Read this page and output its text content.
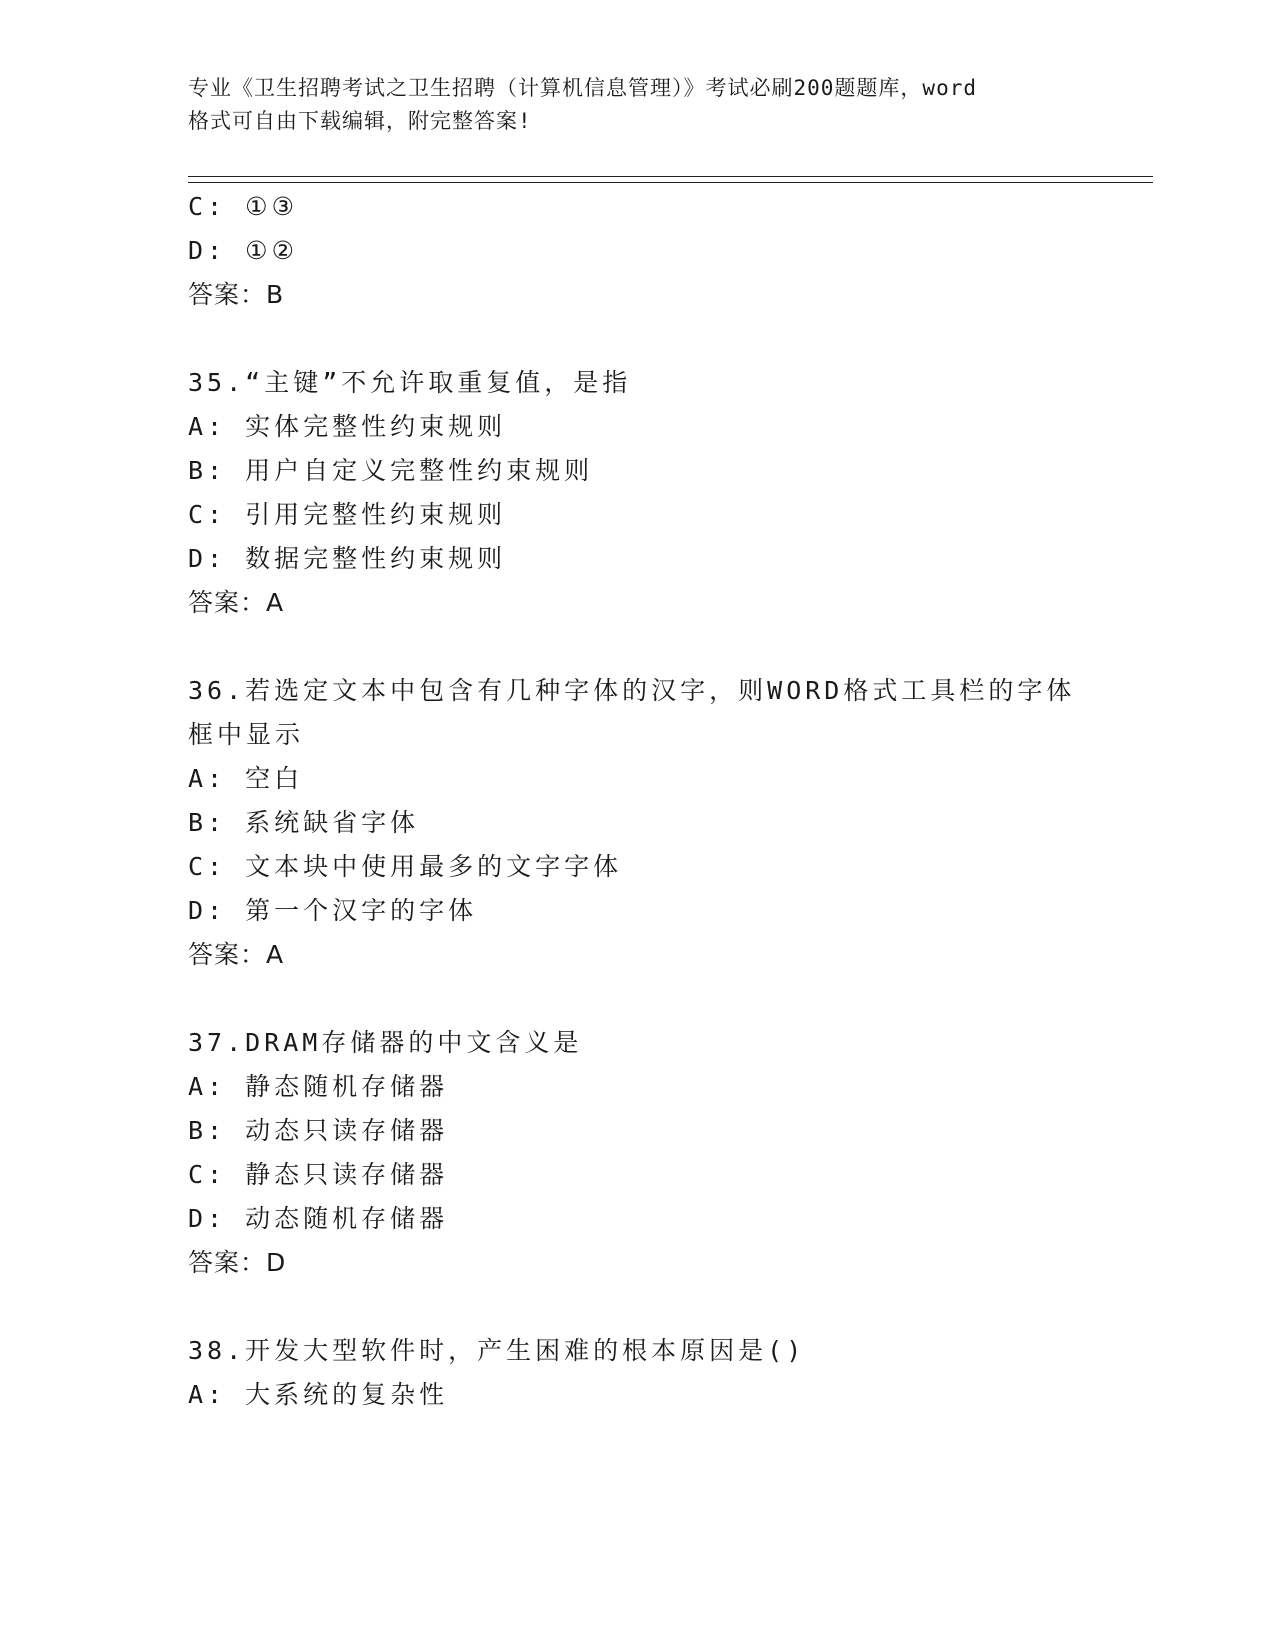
专业《卫生招聘考试之卫生招聘（计算机信息管理）》考试必刷200题题库，word
格式可自由下载编辑，附完整答案!
C: ①③
D: ①②
答案：B
35.“主键”不允许取重复值，是指
A: 实体完整性约束规则
B: 用户自定义完整性约束规则
C: 引用完整性约束规则
D: 数据完整性约束规则
答案：A
36.若选定文本中包含有几种字体的汉字，则WORD格式工具栏的字体
框中显示
A: 空白
B: 系统缺省字体
C: 文本块中使用最多的文字字体
D: 第一个汉字的字体
答案：A
37.DRAM存储器的中文含义是
A: 静态随机存储器
B: 动态只读存储器
C: 静态只读存储器
D: 动态随机存储器
答案：D
38.开发大型软件时，产生困难的根本原因是()
A: 大系统的复杂性
